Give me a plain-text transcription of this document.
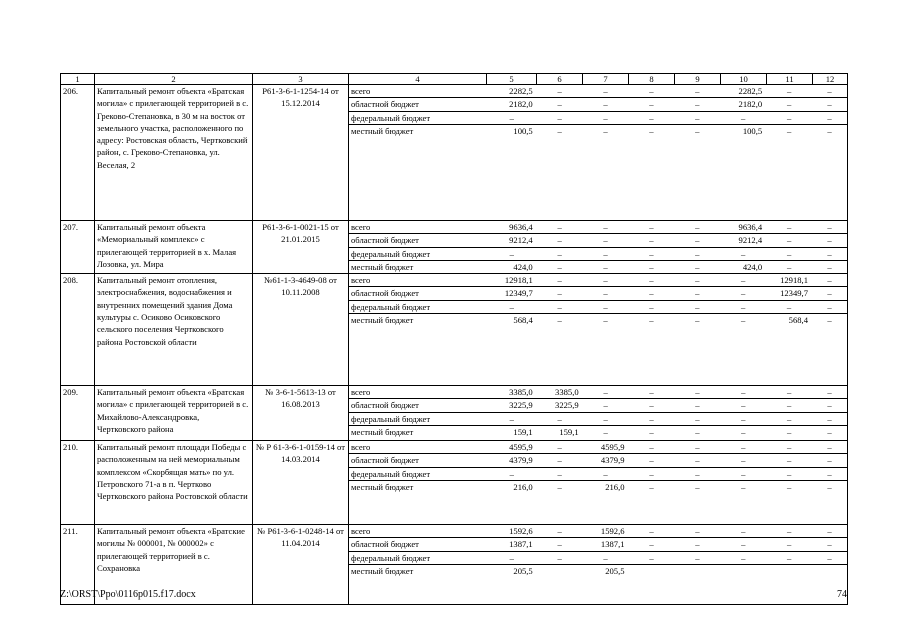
1	2	3	4	5	6	7	8	9	10	11	12
206.	Капитальный ремонт объекта «Братская могила» с прилегающей территорией в с. Греково-Степановка, в 30 м на восток от земельного участка, расположенного по адресу: Ростовская область, Чертковский район, с. Греково-Степановка, ул. Веселая, 2	Р61-3-6-1-1254-14 от 15.12.2014	
всего	2282,5	–	–	–	–	2282,5	–	–
областной бюджет	2182,0	–	–	–	–	2182,0	–	–
федеральный бюджет	–	–	–	–	–	–	–	–
местный бюджет	100,5	–	–	–	–	100,5	–	–

207.	Капитальный ремонт объекта «Мемориальный комплекс» с прилегающей территорией в х. Малая Лозовка, ул. Мира	Р61-3-6-1-0021-15 от 21.01.2015	
всего	9636,4	–	–	–	–	9636,4	–	–
областной бюджет	9212,4	–	–	–	–	9212,4	–	–
федеральный бюджет	–	–	–	–	–	–	–	–
местный бюджет	424,0	–	–	–	–	424,0	–	–

208.	Капитальный ремонт отопления, электроснабжения, водоснабжения и внутренних помещений здания Дома культуры с. Осиково Осиковского сельского поселения Чертковского района Ростовской области	№61-1-3-4649-08 от 10.11.2008	
всего	12918,1	–	–	–	–	–	12918,1	–
областной бюджет	12349,7	–	–	–	–	–	12349,7	–
федеральный бюджет	–	–	–	–	–	–	–	–
местный бюджет	568,4	–	–	–	–	–	568,4	–

209.	Капитальный ремонт объекта «Братская могила» с прилегающей территорией в с. Михайлово-Александровка, Чертковского района	№ 3-6-1-5613-13 от 16.08.2013	
всего	3385,0	3385,0	–	–	–	–	–	–
областной бюджет	3225,9	3225,9	–	–	–	–	–	–
федеральный бюджет	–	–	–	–	–	–	–	–
местный бюджет	159,1	159,1	–	–	–	–	–	–

210.	Капитальный ремонт площади Победы с расположенным на ней мемориальным комплексом «Скорбящая мать» по ул. Петровского 71-а в п. Чертково Чертковского района Ростовской области	№ Р 61-3-6-1-0159-14 от 14.03.2014	
всего	4595,9	–	4595,9	–	–	–	–	–
областной бюджет	4379,9	–	4379,9	–	–	–	–	–
федеральный бюджет	–	–	–	–	–	–	–	–
местный бюджет	216,0	–	216,0	–	–	–	–	–

211.	Капитальный ремонт объекта «Братские могилы № 000001, № 000002» с прилегающей территорией в с. Сохрановка	№ Р61-3-6-1-0248-14 от 11.04.2014	
всего	1592,6	–	1592,6	–	–	–	–	–
областной бюджет	1387,1	–	1387,1	–	–	–	–	–
федеральный бюджет	–	–	–	–	–	–	–	–
местный бюджет	205,5		205,5					
Z:\ORST\Ppo\0116p015.f17.docx	74
